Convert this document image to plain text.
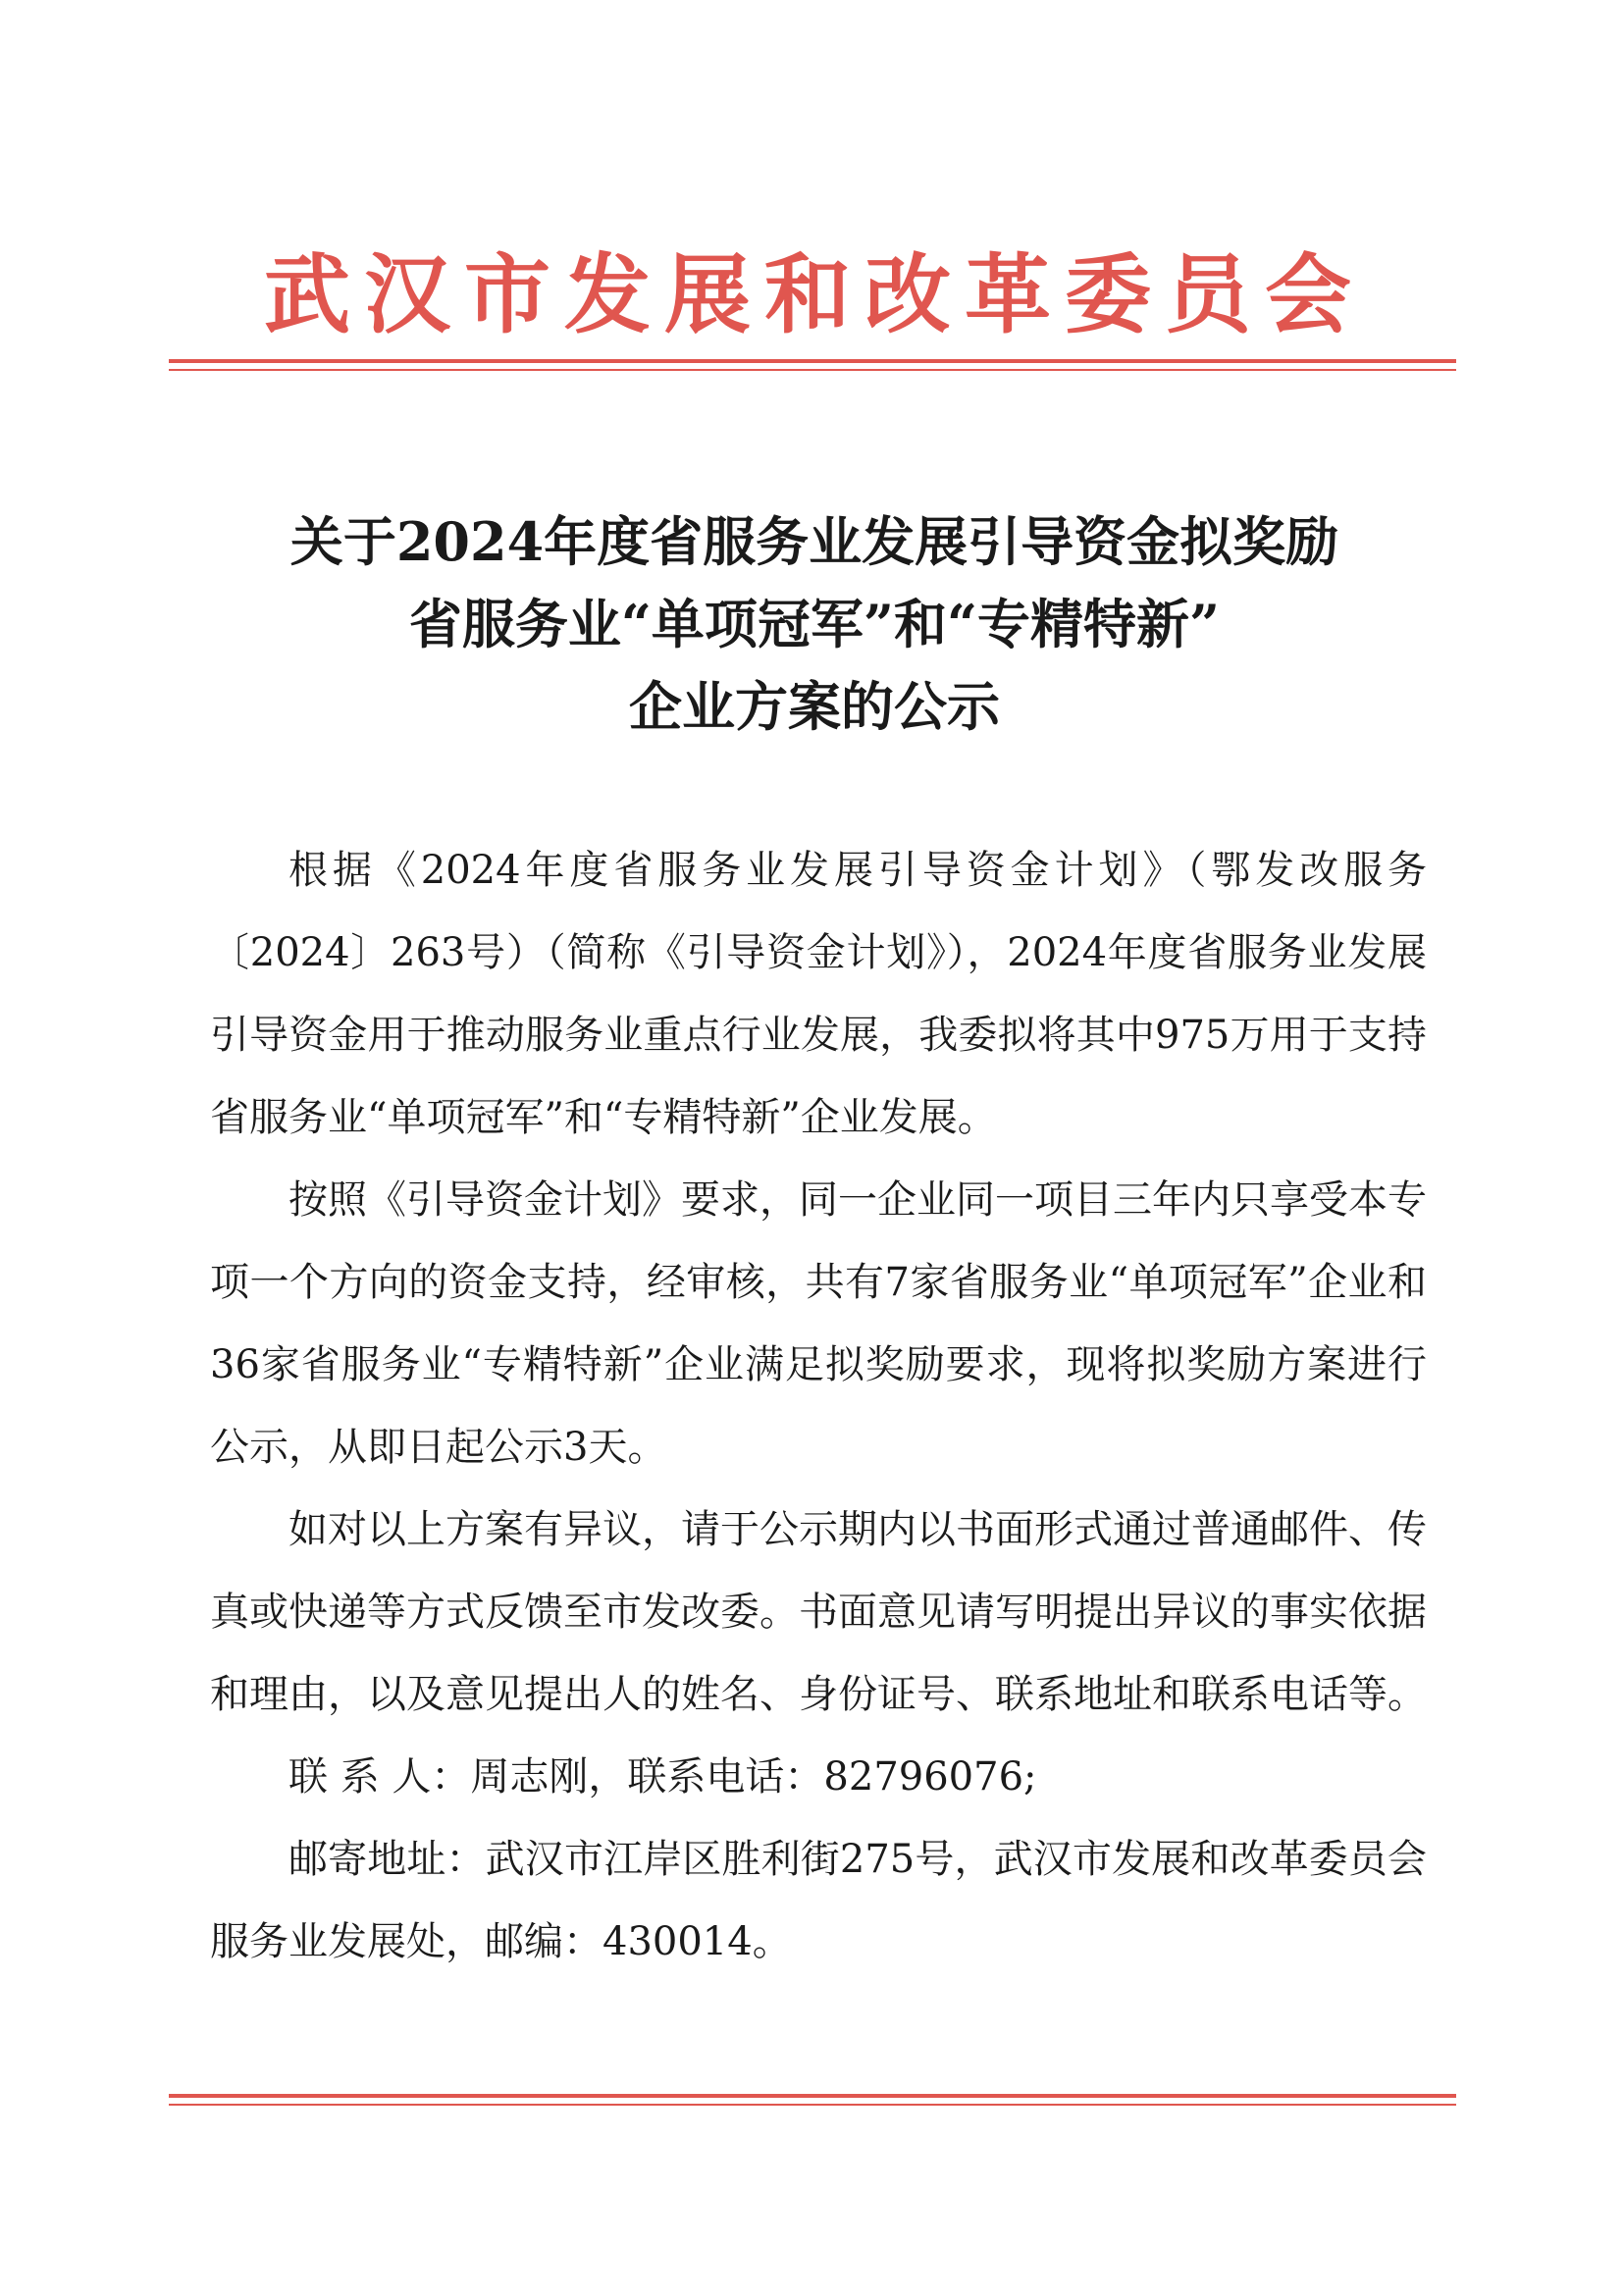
武汉市发展和改革委员会
关于2024年度省服务业发展引导资金拟奖励
省服务业“单项冠军”和“专精特新”
企业方案的公示

根据《2024年度省服务业发展引导资金计划》（鄂发改服务〔2024〕263号）（简称《引导资金计划》），2024年度省服务业发展引导资金用于推动服务业重点行业发展，我委拟将其中975万用于支持省服务业“单项冠军”和“专精特新”企业发展。

按照《引导资金计划》要求，同一企业同一项目三年内只享受本专项一个方向的资金支持，经审核，共有7家省服务业“单项冠军”企业和36家省服务业“专精特新”企业满足拟奖励要求，现将拟奖励方案进行公示，从即日起公示3天。

如对以上方案有异议，请于公示期内以书面形式通过普通邮件、传真或快递等方式反馈至市发改委。书面意见请写明提出异议的事实依据和理由，以及意见提出人的姓名、身份证号、联系地址和联系电话等。

联 系 人：周志刚，联系电话：82796076;

邮寄地址：武汉市江岸区胜利街275号，武汉市发展和改革委员会服务业发展处，邮编：430014。
